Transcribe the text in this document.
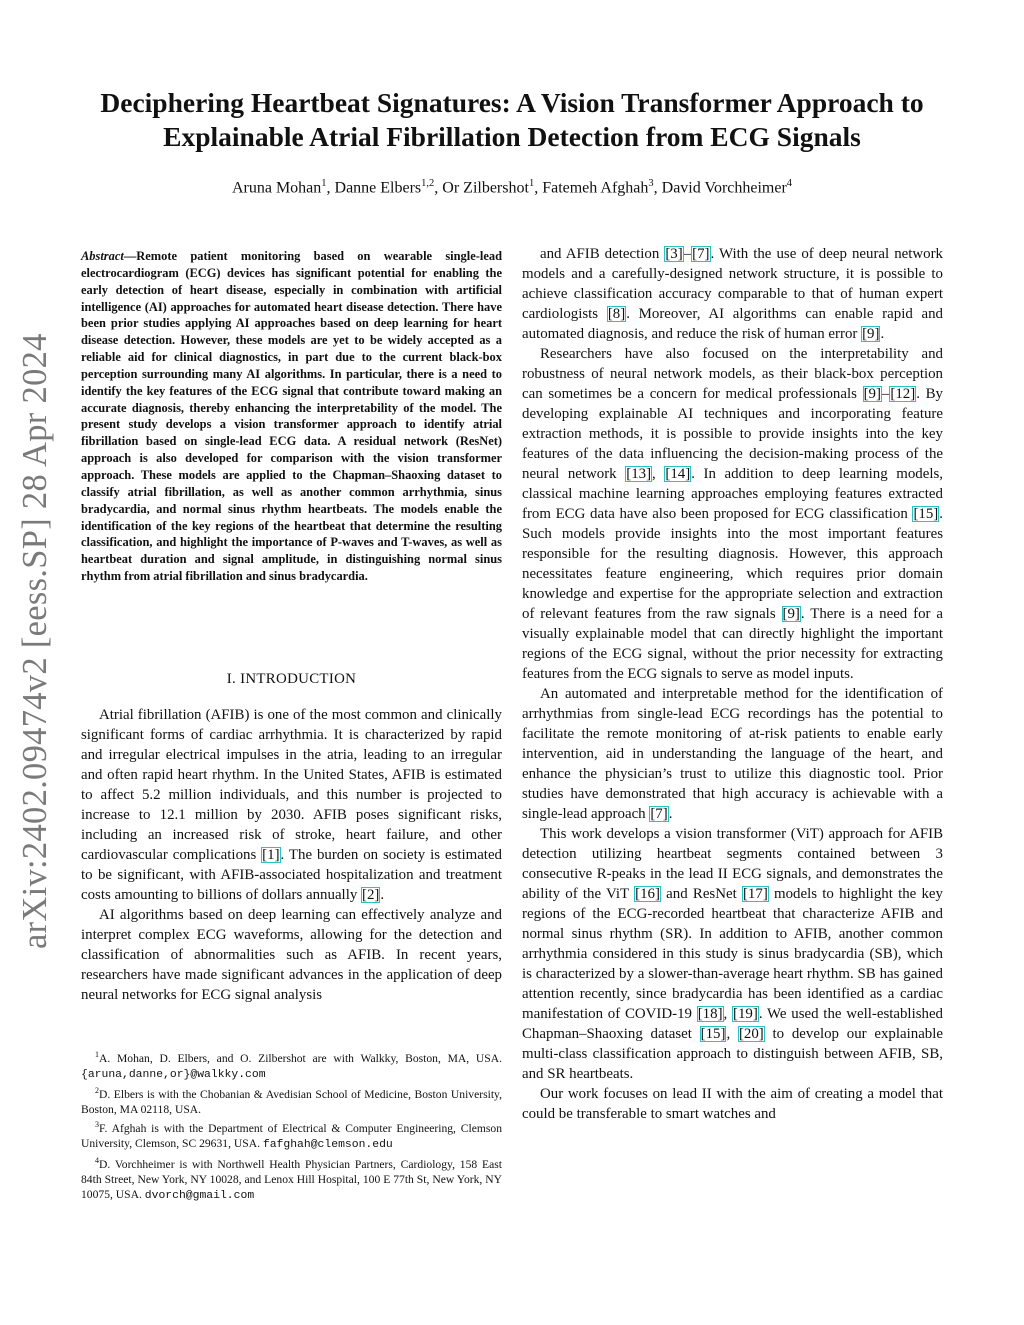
arXiv:2402.09474v2 [eess.SP] 28 Apr 2024
Deciphering Heartbeat Signatures: A Vision Transformer Approach to Explainable Atrial Fibrillation Detection from ECG Signals
Aruna Mohan$^1$, Danne Elbers$^{1,2}$, Or Zilbershot$^1$, Fatemeh Afghah$^3$, David Vorchheimer$^4$
Abstract—Remote patient monitoring based on wearable single-lead electrocardiogram (ECG) devices has significant potential for enabling the early detection of heart disease, especially in combination with artificial intelligence (AI) approaches for automated heart disease detection. There have been prior studies applying AI approaches based on deep learning for heart disease detection. However, these models are yet to be widely accepted as a reliable aid for clinical diagnostics, in part due to the current black-box perception surrounding many AI algorithms. In particular, there is a need to identify the key features of the ECG signal that contribute toward making an accurate diagnosis, thereby enhancing the interpretability of the model. The present study develops a vision transformer approach to identify atrial fibrillation based on single-lead ECG data. A residual network (ResNet) approach is also developed for comparison with the vision transformer approach. These models are applied to the Chapman–Shaoxing dataset to classify atrial fibrillation, as well as another common arrhythmia, sinus bradycardia, and normal sinus rhythm heartbeats. The models enable the identification of the key regions of the heartbeat that determine the resulting classification, and highlight the importance of P-waves and T-waves, as well as heartbeat duration and signal amplitude, in distinguishing normal sinus rhythm from atrial fibrillation and sinus bradycardia.
I. INTRODUCTION

Atrial fibrillation (AFIB) is one of the most common and clinically significant forms of cardiac arrhythmia. It is characterized by rapid and irregular electrical impulses in the atria, leading to an irregular and often rapid heart rhythm. In the United States, AFIB is estimated to affect 5.2 million individuals, and this number is projected to increase to 12.1 million by 2030. AFIB poses significant risks, including an increased risk of stroke, heart failure, and other cardiovascular complications [1]. The burden on society is estimated to be significant, with AFIB-associated hospitalization and treatment costs amounting to billions of dollars annually [2].

AI algorithms based on deep learning can effectively analyze and interpret complex ECG waveforms, allowing for the detection and classification of abnormalities such as AFIB. In recent years, researchers have made significant advances in the application of deep neural networks for ECG signal analysis

$^1$A. Mohan, D. Elbers, and O. Zilbershot are with Walkky, Boston, MA, USA. {aruna,danne,or}@walkky.com
$^2$D. Elbers is with the Chobanian & Avedisian School of Medicine, Boston University, Boston, MA 02118, USA.
$^3$F. Afghah is with the Department of Electrical & Computer Engineering, Clemson University, Clemson, SC 29631, USA. fafghah@clemson.edu
$^4$D. Vorchheimer is with Northwell Health Physician Partners, Cardiology, 158 East 84th Street, New York, NY 10028, and Lenox Hill Hospital, 100 E 77th St, New York, NY 10075, USA. dvorch@gmail.com

and AFIB detection [3]–[7]. With the use of deep neural network models and a carefully-designed network structure, it is possible to achieve classification accuracy comparable to that of human expert cardiologists [8]. Moreover, AI algorithms can enable rapid and automated diagnosis, and reduce the risk of human error [9].

Researchers have also focused on the interpretability and robustness of neural network models, as their black-box perception can sometimes be a concern for medical professionals [9]–[12]. By developing explainable AI techniques and incorporating feature extraction methods, it is possible to provide insights into the key features of the data influencing the decision-making process of the neural network [13], [14]. In addition to deep learning models, classical machine learning approaches employing features extracted from ECG data have also been proposed for ECG classification [15]. Such models provide insights into the most important features responsible for the resulting diagnosis. However, this approach necessitates feature engineering, which requires prior domain knowledge and expertise for the appropriate selection and extraction of relevant features from the raw signals [9]. There is a need for a visually explainable model that can directly highlight the important regions of the ECG signal, without the prior necessity for extracting features from the ECG signals to serve as model inputs.

An automated and interpretable method for the identification of arrhythmias from single-lead ECG recordings has the potential to facilitate the remote monitoring of at-risk patients to enable early intervention, aid in understanding the language of the heart, and enhance the physician’s trust to utilize this diagnostic tool. Prior studies have demonstrated that high accuracy is achievable with a single-lead approach [7].

This work develops a vision transformer (ViT) approach for AFIB detection utilizing heartbeat segments contained between 3 consecutive R-peaks in the lead II ECG signals, and demonstrates the ability of the ViT [16] and ResNet [17] models to highlight the key regions of the ECG-recorded heartbeat that characterize AFIB and normal sinus rhythm (SR). In addition to AFIB, another common arrhythmia considered in this study is sinus bradycardia (SB), which is characterized by a slower-than-average heart rhythm. SB has gained attention recently, since bradycardia has been identified as a cardiac manifestation of COVID-19 [18], [19]. We used the well-established Chapman–Shaoxing dataset [15], [20] to develop our explainable multi-class classification approach to distinguish between AFIB, SB, and SR heartbeats.

Our work focuses on lead II with the aim of creating a model that could be transferable to smart watches and
